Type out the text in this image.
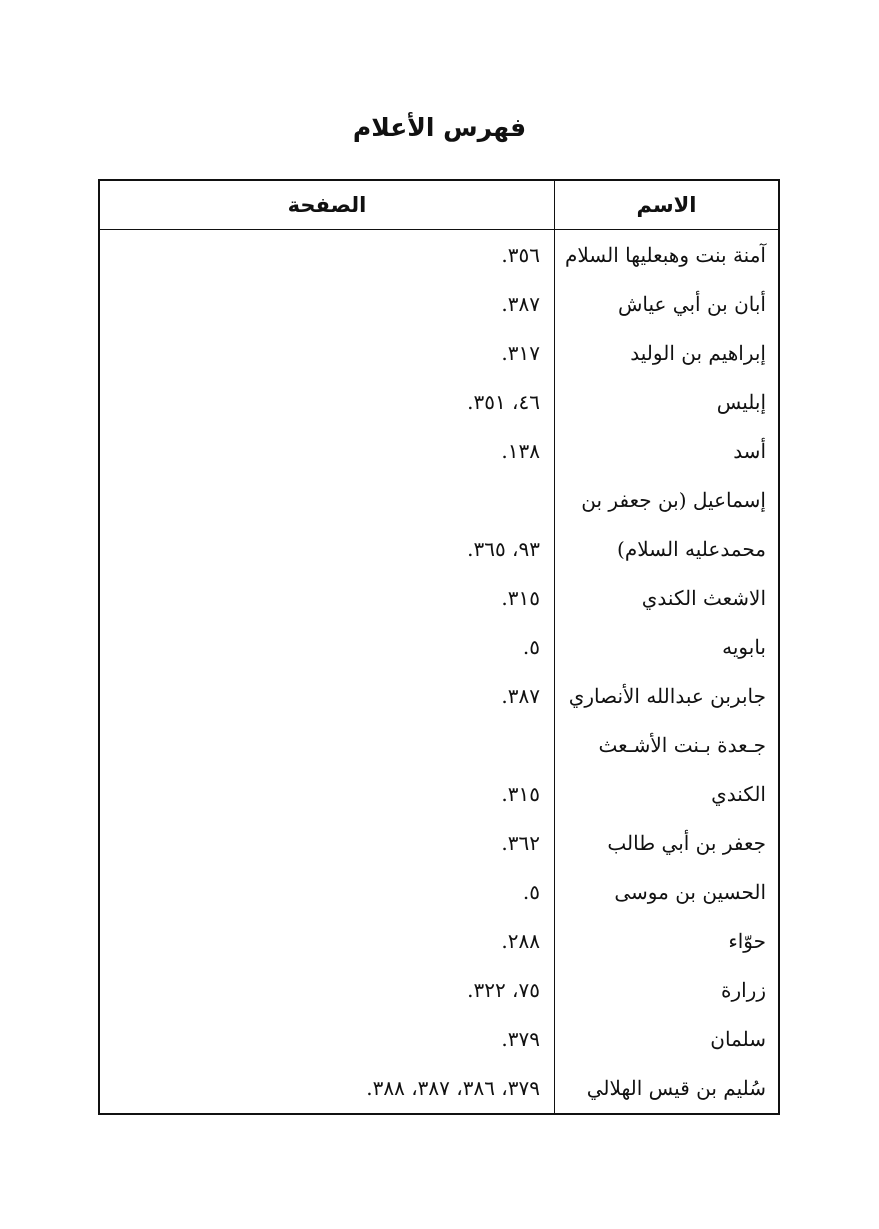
فهرس الأعلام
الاسم
الصفحة
آمنة بنت وهبعليها السلام
٣٥٦.
أبان بن أبي عياش
٣٨٧.
إبراهيم بن الوليد
٣١٧.
إبليس
٤٦، ٣٥١.
أسد
١٣٨.
إسماعيل (بن جعفر بن
محمدعليه السلام)
٩٣، ٣٦٥.
الاشعث الكندي
٣١٥.
بابويه
٥.
جابربن عبدالله الأنصاري
٣٨٧.
جـعدة بـنت الأشـعث
الكندي
٣١٥.
جعفر بن أبي طالب
٣٦٢.
الحسين بن موسى
٥.
حوّاء
٢٨٨.
زرارة
٧٥، ٣٢٢.
سلمان
٣٧٩.
سُليم بن قيس الهلالي
٣٧٩، ٣٨٦، ٣٨٧، ٣٨٨.
